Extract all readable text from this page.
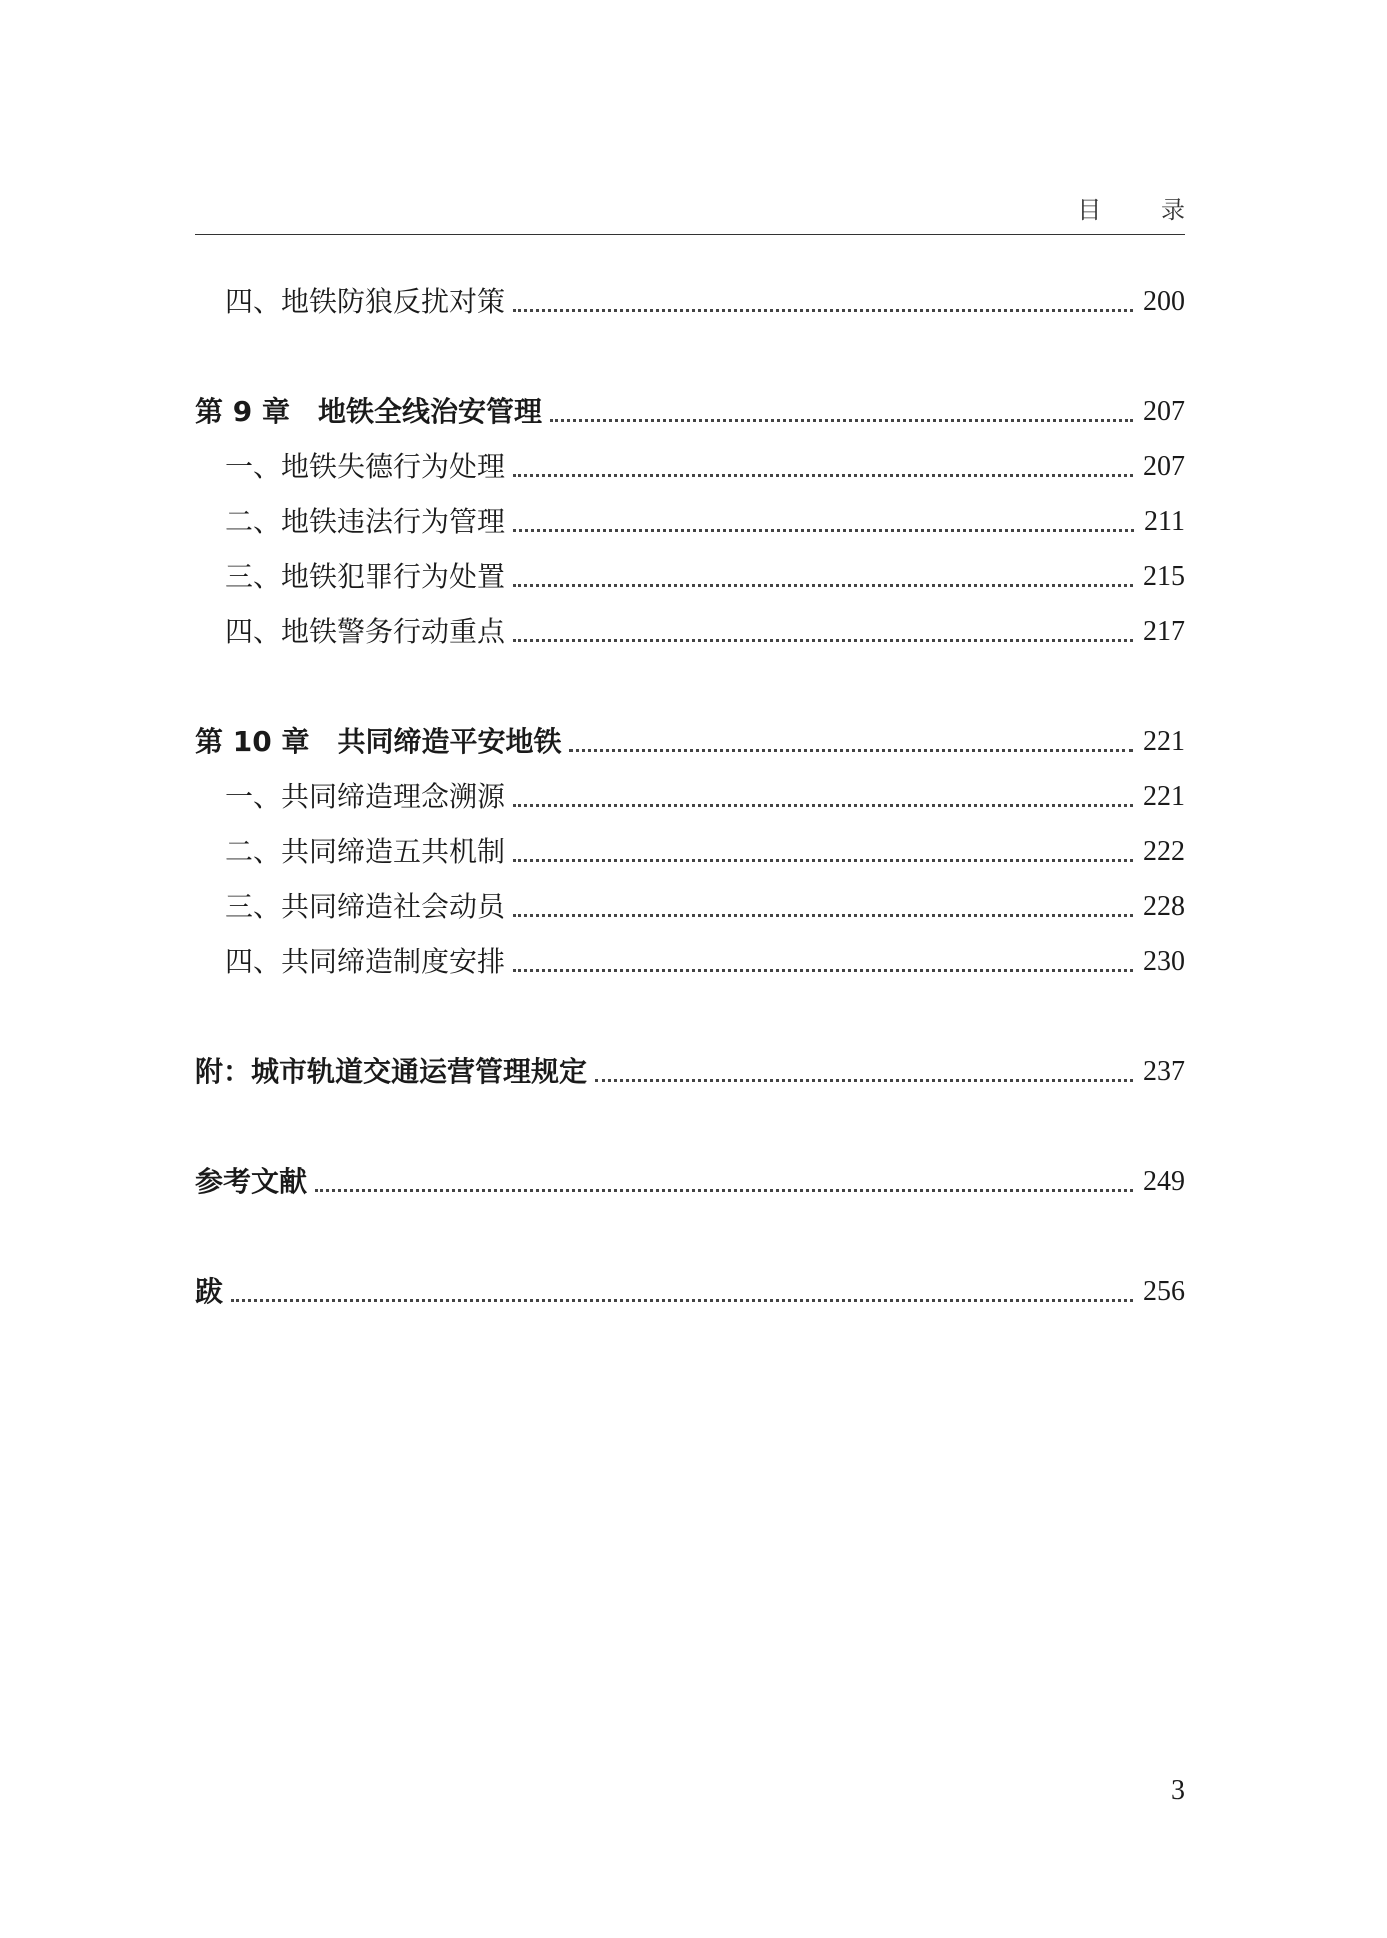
目 录
四、地铁防狼反扰对策	200
第 9 章 地铁全线治安管理	207
一、地铁失德行为处理	207
二、地铁违法行为管理	211
三、地铁犯罪行为处置	215
四、地铁警务行动重点	217
第 10 章 共同缔造平安地铁	221
一、共同缔造理念溯源	221
二、共同缔造五共机制	222
三、共同缔造社会动员	228
四、共同缔造制度安排	230
附：城市轨道交通运营管理规定	237
参考文献	249
跋	256
3
